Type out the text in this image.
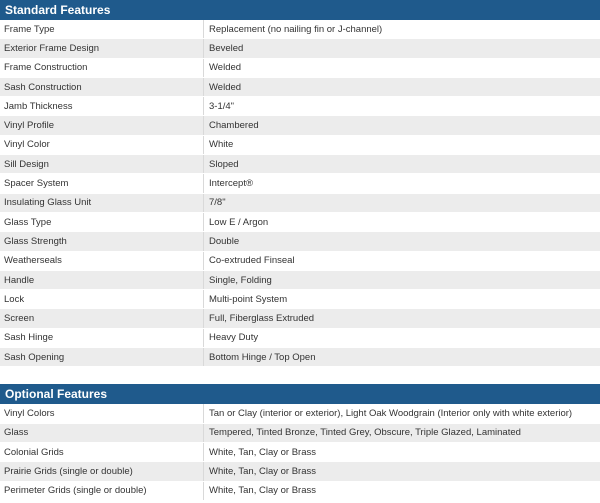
Standard Features
Frame Type	Replacement (no nailing fin or J-channel)
Exterior Frame Design	Beveled
Frame Construction	Welded
Sash Construction	Welded
Jamb Thickness	3-1/4"
Vinyl Profile	Chambered
Vinyl Color	White
Sill Design	Sloped
Spacer System	Intercept®
Insulating Glass Unit	7/8"
Glass Type	Low E / Argon
Glass Strength	Double
Weatherseals	Co-extruded Finseal
Handle	Single, Folding
Lock	Multi-point System
Screen	Full, Fiberglass Extruded
Sash Hinge	Heavy Duty
Sash Opening	Bottom Hinge / Top Open
Optional Features
Vinyl Colors	Tan or Clay (interior or exterior), Light Oak Woodgrain (Interior only with white exterior)
Glass	Tempered, Tinted Bronze, Tinted Grey, Obscure, Triple Glazed, Laminated
Colonial Grids	White, Tan, Clay or Brass
Prairie Grids (single or double)	White, Tan, Clay or Brass
Perimeter Grids (single or double)	White, Tan, Clay or Brass
